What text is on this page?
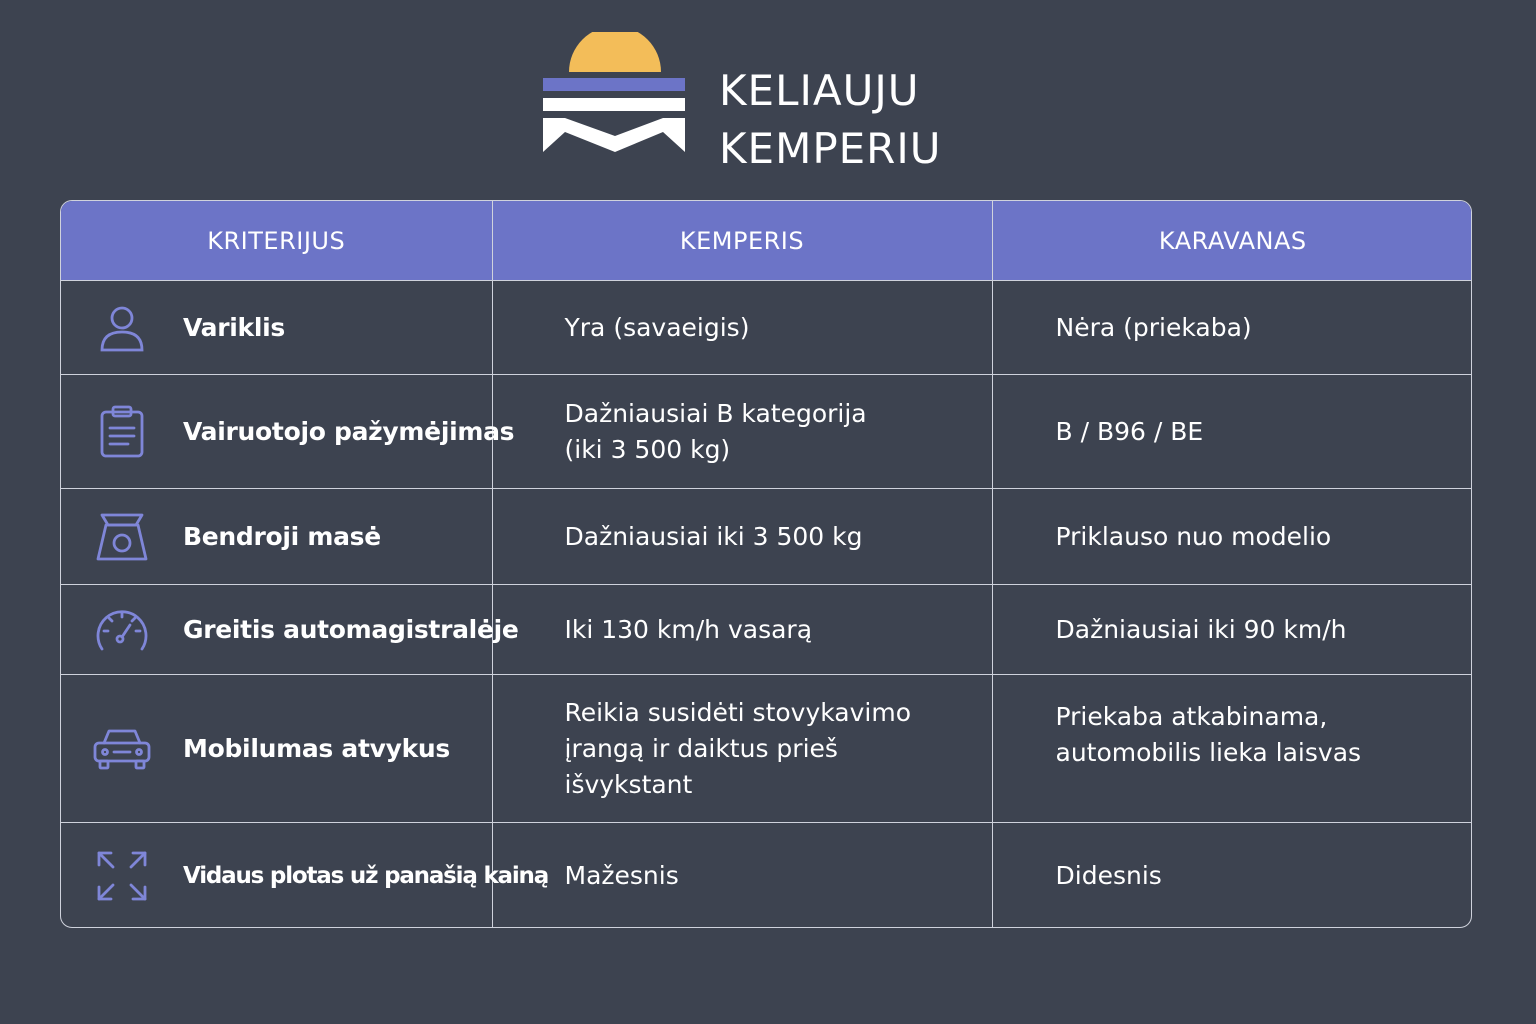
KELIAUJU
KEMPERIU
KRITERIJUS	KEMPERIS	KARAVANAS

Variklis	Yra (savaeigis)	Nėra (priekaba)

Vairuotojo pažymėjimas	Dažniausiai B kategorija (iki 3 500 kg)	B / B96 / BE

Bendroji masė	Dažniausiai iki 3 500 kg	Priklauso nuo modelio

Greitis automagistralėje	Iki 130 km/h vasarą	Dažniausiai iki 90 km/h

Mobilumas atvykus	Reikia susidėti stovykavimo įrangą ir daiktus prieš išvykstant	Priekaba atkabinama, automobilis lieka laisvas

Vidaus plotas už panašią kainą	Mažesnis	Didesnis
